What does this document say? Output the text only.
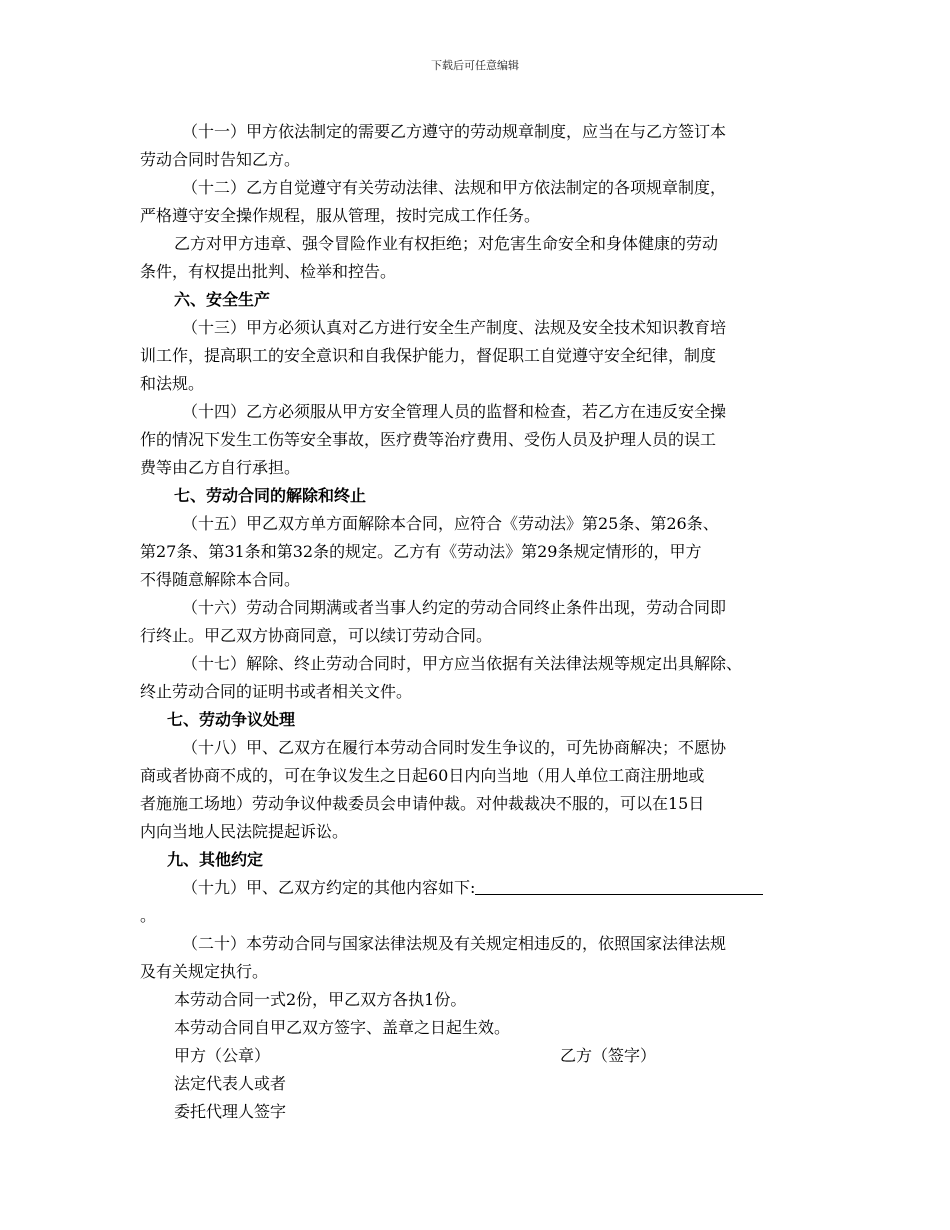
下载后可任意编辑
（十一）甲方依法制定的需要乙方遵守的劳动规章制度，应当在与乙方签订本
劳动合同时告知乙方。
（十二）乙方自觉遵守有关劳动法律、法规和甲方依法制定的各项规章制度，
严格遵守安全操作规程，服从管理，按时完成工作任务。
乙方对甲方违章、强令冒险作业有权拒绝；对危害生命安全和身体健康的劳动
条件，有权提出批判、检举和控告。
六、安全生产
（十三）甲方必须认真对乙方进行安全生产制度、法规及安全技术知识教育培
训工作，提高职工的安全意识和自我保护能力，督促职工自觉遵守安全纪律，制度
和法规。
（十四）乙方必须服从甲方安全管理人员的监督和检查，若乙方在违反安全操
作的情况下发生工伤等安全事故，医疗费等治疗费用、受伤人员及护理人员的误工
费等由乙方自行承担。
七、劳动合同的解除和终止
（十五）甲乙双方单方面解除本合同，应符合《劳动法》第25条、第26条、
第27条、第31条和第32条的规定。乙方有《劳动法》第29条规定情形的，甲方
不得随意解除本合同。
（十六）劳动合同期满或者当事人约定的劳动合同终止条件出现，劳动合同即
行终止。甲乙双方协商同意，可以续订劳动合同。
（十七）解除、终止劳动合同时，甲方应当依据有关法律法规等规定出具解除、
终止劳动合同的证明书或者相关文件。
七、劳动争议处理
（十八）甲、乙双方在履行本劳动合同时发生争议的，可先协商解决；不愿协
商或者协商不成的，可在争议发生之日起60日内向当地（用人单位工商注册地或
者施施工场地）劳动争议仲裁委员会申请仲裁。对仲裁裁决不服的，可以在15日
内向当地人民法院提起诉讼。
九、其他约定
（十九）甲、乙双方约定的其他内容如下:
。
（二十）本劳动合同与国家法律法规及有关规定相违反的，依照国家法律法规
及有关规定执行。
本劳动合同一式2份，甲乙双方各执1份。
本劳动合同自甲乙双方签字、盖章之日起生效。
甲方（公章）	乙方（签字）
法定代表人或者
委托代理人签字
